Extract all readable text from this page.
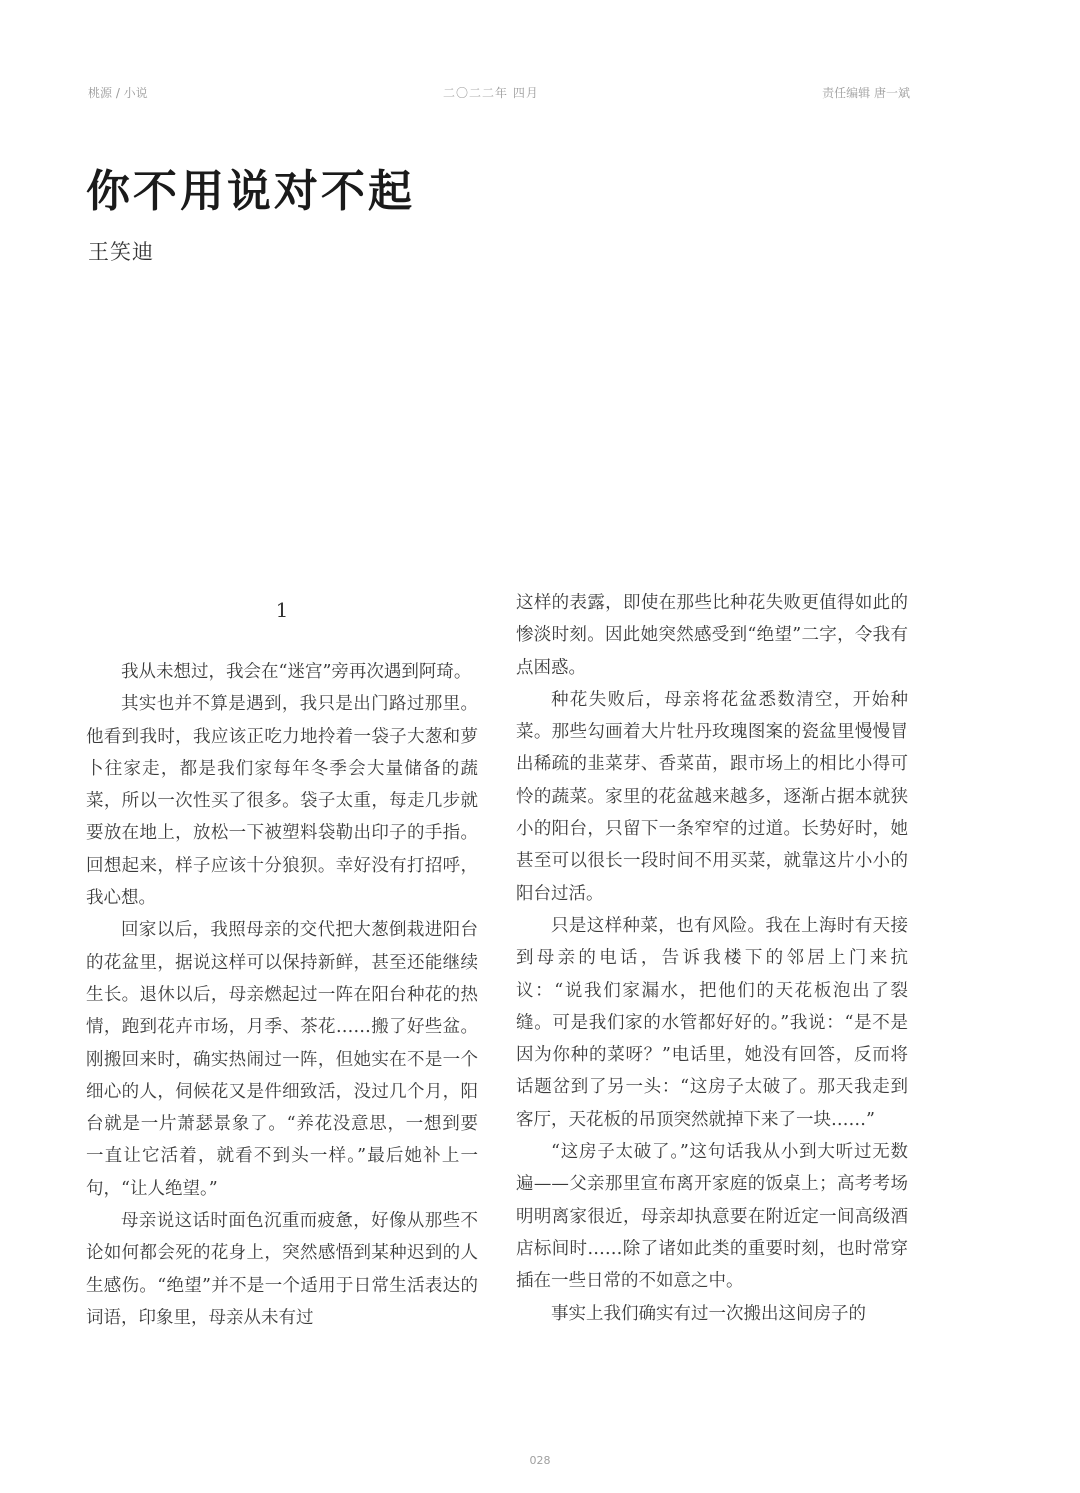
桃源 / 小说	二〇二二年 四月	责任编辑 唐一斌
你不用说对不起
王笑迪
1

我从未想过，我会在“迷宫”旁再次遇到阿琦。

其实也并不算是遇到，我只是出门路过那里。他看到我时，我应该正吃力地拎着一袋子大葱和萝卜往家走，都是我们家每年冬季会大量储备的蔬菜，所以一次性买了很多。袋子太重，每走几步就要放在地上，放松一下被塑料袋勒出印子的手指。回想起来，样子应该十分狼狈。幸好没有打招呼，我心想。

回家以后，我照母亲的交代把大葱倒栽进阳台的花盆里，据说这样可以保持新鲜，甚至还能继续生长。退休以后，母亲燃起过一阵在阳台种花的热情，跑到花卉市场，月季、茶花……搬了好些盆。刚搬回来时，确实热闹过一阵，但她实在不是一个细心的人，伺候花又是件细致活，没过几个月，阳台就是一片萧瑟景象了。“养花没意思，一想到要一直让它活着，就看不到头一样。”最后她补上一句，“让人绝望。”

母亲说这话时面色沉重而疲惫，好像从那些不论如何都会死的花身上，突然感悟到某种迟到的人生感伤。“绝望”并不是一个适用于日常生活表达的词语，印象里，母亲从未有过

这样的表露，即使在那些比种花失败更值得如此的惨淡时刻。因此她突然感受到“绝望”二字，令我有点困惑。

种花失败后，母亲将花盆悉数清空，开始种菜。那些勾画着大片牡丹玫瑰图案的瓷盆里慢慢冒出稀疏的韭菜芽、香菜苗，跟市场上的相比小得可怜的蔬菜。家里的花盆越来越多，逐渐占据本就狭小的阳台，只留下一条窄窄的过道。长势好时，她甚至可以很长一段时间不用买菜，就靠这片小小的阳台过活。

只是这样种菜，也有风险。我在上海时有天接到母亲的电话，告诉我楼下的邻居上门来抗议：“说我们家漏水，把他们的天花板泡出了裂缝。可是我们家的水管都好好的。”我说：“是不是因为你种的菜呀？”电话里，她没有回答，反而将话题岔到了另一头：“这房子太破了。那天我走到客厅，天花板的吊顶突然就掉下来了一块……”

“这房子太破了。”这句话我从小到大听过无数遍——父亲那里宣布离开家庭的饭桌上；高考考场明明离家很近，母亲却执意要在附近定一间高级酒店标间时……除了诸如此类的重要时刻，也时常穿插在一些日常的不如意之中。

事实上我们确实有过一次搬出这间房子的

028
